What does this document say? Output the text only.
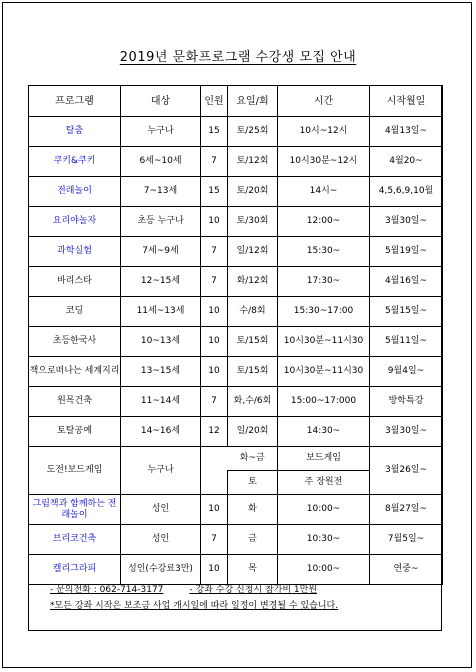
2019년 문화프로그램 수강생 모집 안내
프로그램	대상	인원	요일/회	시간	시작월일
탈춤	누구나	15	토/25회	10시~12시	4월13일~
쿠키&쿠키	6세~10세	7	토/12회	10시30분~12시	4월20~
전래놀이	7~13세	15	토/20회	14시~	4,5,6,9,10월
요리야놀자	초등 누구나	10	토/30회	12:00~	3월30일~
과학실험	7세~9세	7	일/12회	15:30~	5월19일~
바리스타	12~15세	7	화/12회	17:30~	4월16일~
코딩	11세~13세	10	수/8회	15:30~17:00	5월15일~
초등한국사	10~13세	10	토/15회	10시30분~11시30	5월11일~
책으로떠나는 세계지리	13~15세	10	토/15회	10시30분~11시30	9월4일~
원목건축	11~14세	7	화,수/6회	15:00~17:000	방학특강
토탈공예	14~16세	12	일/20회	14:30~	3월30일~
도전!보드게임	누구나		화~금	보드게임	3월26일~
			토	주 장원전	
그림책과 함께하는 전래놀이	성인	10	화	10:00~	8월27일~
브리코건축	성인	7	금	10:30~	7월5일~
캘리그라피	성인(수강료3만)	10	목	10:00~	연중~
- 문의전화 : 062-714-3177	- 강좌 수강 신청시 참가비 1만원
*모든 강좌 시작은 보조금 사업 개시일에 따라 일정이 변경될 수 있습니다.
